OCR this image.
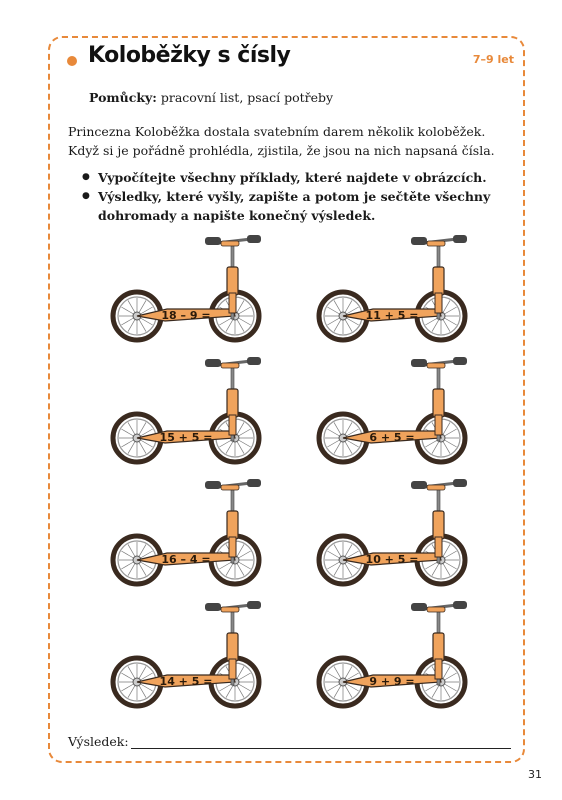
Koloběžky s čísly	7–9 let
Pomůcky: pracovní list, psací potřeby

Princezna Koloběžka dostala svatebním darem několik koloběžek.

Když si je pořádně prohlédla, zjistila, že jsou na nich napsaná čísla.

● Vypočítejte všechny příklady, které najdete v obrázcích.
● Výsledky, které vyšly, zapište a potom je sečtěte všechny dohromady a napište konečný výsledek.
18 – 9 =	11 + 5 =
15 + 5 =	6 + 5 =
16 – 4 =	10 + 5 =
14 + 5 =	9 + 9 =
Výsledek:
31
